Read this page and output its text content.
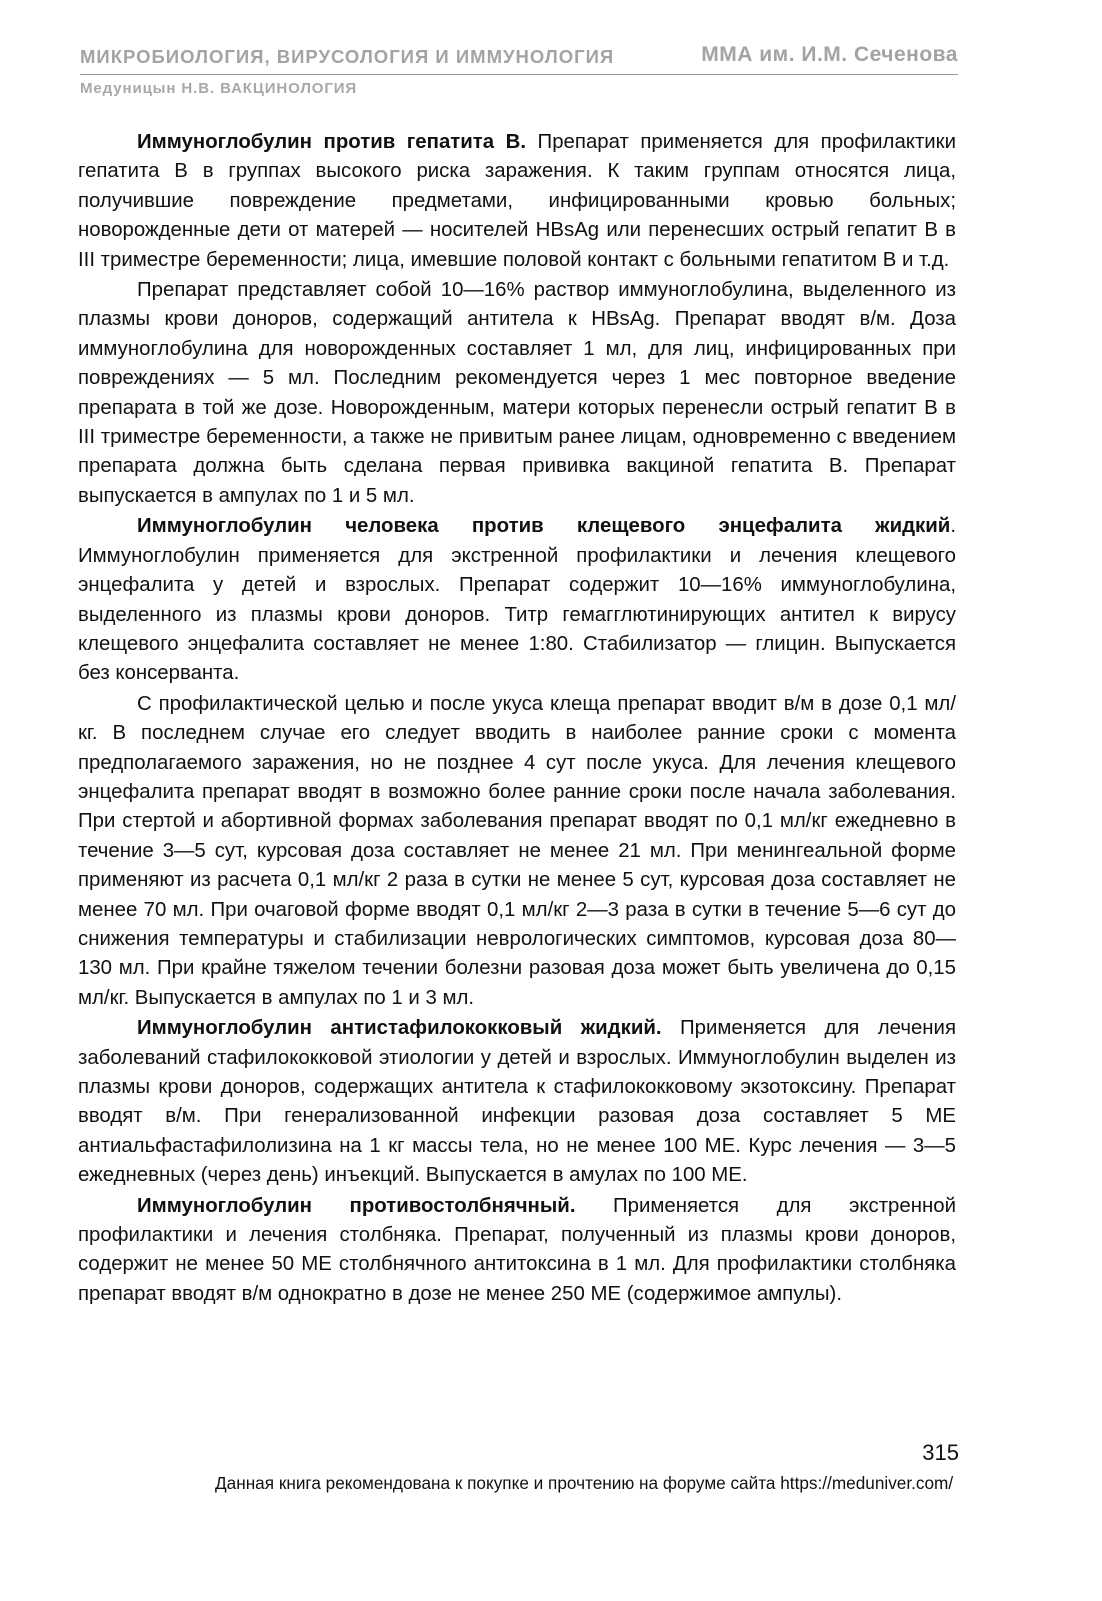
МИКРОБИОЛОГИЯ, ВИРУСОЛОГИЯ И ИММУНОЛОГИЯ	ММА им. И.М. Сеченова
Медуницын Н.В. ВАКЦИНОЛОГИЯ

Иммуноглобулин против гепатита В. Препарат применяется для профилактики гепатита В в группах высокого риска заражения. К таким группам относятся лица, получившие повреждение предметами, инфицированными кровью больных; новорожденные дети от матерей — носителей HBsAg или перенесших острый гепатит В в III триместре беременности; лица, имевшие половой контакт с больными гепатитом В и т.д.

Препарат представляет собой 10—16% раствор иммуноглобулина, выделенного из плазмы крови доноров, содержащий антитела к HBsAg. Препарат вводят в/м. Доза иммуноглобулина для новорожденных составляет 1 мл, для лиц, инфицированных при повреждениях — 5 мл. Последним рекомендуется через 1 мес повторное введение препарата в той же дозе. Новорожденным, матери которых перенесли острый гепатит В в III триместре беременности, а также не привитым ранее лицам, одновременно с введением препарата должна быть сделана первая прививка вакциной гепатита В. Препарат выпускается в ампулах по 1 и 5 мл.

Иммуноглобулин человека против клещевого энцефалита жидкий. Иммуноглобулин применяется для экстренной профилактики и лечения клещевого энцефалита у детей и взрослых. Препарат содержит 10—16% иммуноглобулина, выделенного из плазмы крови доноров. Титр гемагглютинирующих антител к вирусу клещевого энцефалита составляет не менее 1:80. Стабилизатор — глицин. Выпускается без консерванта.

С профилактической целью и после укуса клеща препарат вводит в/м в дозе 0,1 мл/кг. В последнем случае его следует вводить в наиболее ранние сроки с момента предполагаемого заражения, но не позднее 4 сут после укуса. Для лечения клещевого энцефалита препарат вводят в возможно более ранние сроки после начала заболевания. При стертой и абортивной формах заболевания препарат вводят по 0,1 мл/кг ежедневно в течение 3—5 сут, курсовая доза составляет не менее 21 мл. При менингеальной форме применяют из расчета 0,1 мл/кг 2 раза в сутки не менее 5 сут, курсовая доза составляет не менее 70 мл. При очаговой форме вводят 0,1 мл/кг 2—3 раза в сутки в течение 5—6 сут до снижения температуры и стабилизации неврологических симптомов, курсовая доза 80—130 мл. При крайне тяжелом течении болезни разовая доза может быть увеличена до 0,15 мл/кг. Выпускается в ампулах по 1 и 3 мл.

Иммуноглобулин антистафилококковый жидкий. Применяется для лечения заболеваний стафилококковой этиологии у детей и взрослых. Иммуноглобулин выделен из плазмы крови доноров, содержащих антитела к стафилококковому экзотоксину. Препарат вводят в/м. При генерализованной инфекции разовая доза составляет 5 МЕ антиальфастафилолизина на 1 кг массы тела, но не менее 100 МЕ. Курс лечения — 3—5 ежедневных (через день) инъекций. Выпускается в амулах по 100 МЕ.

Иммуноглобулин противостолбнячный. Применяется для экстренной профилактики и лечения столбняка. Препарат, полученный из плазмы крови доноров, содержит не менее 50 МЕ столбнячного антитоксина в 1 мл. Для профилактики столбняка препарат вводят в/м однократно в дозе не менее 250 МЕ (содержимое ампулы).

315
Данная книга рекомендована к покупке и прочтению на форуме сайта https://meduniver.com/
